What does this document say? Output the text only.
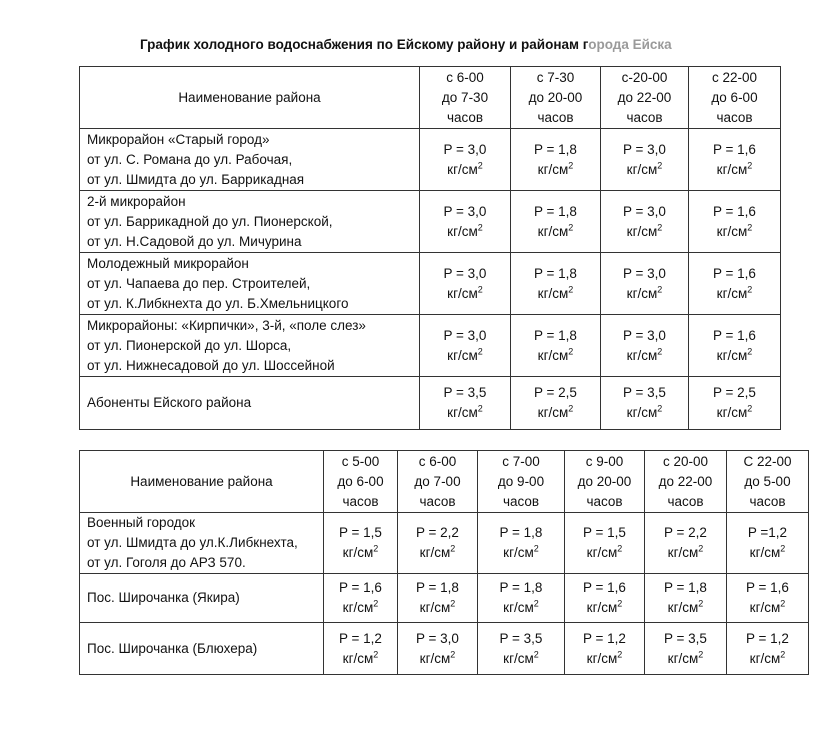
График холодного водоснабжения по Ейскому району и районам города Ейска
Наименование района	с 6-00
до 7-30
часов	с 7-30
до 20-00
часов	с-20-00
до 22-00
часов	с 22-00
до 6-00
часов

Микрорайон «Старый город»
от ул. С. Романа до ул. Рабочая,
от ул. Шмидта до ул. Баррикадная	P = 3,0
$кг/см^2$	P = 1,8
$кг/см^2$	P = 3,0
$кг/см^2$	P = 1,6
$кг/см^2$

2-й микрорайон
от ул. Баррикадной до ул. Пионерской,
от ул. Н.Садовой до ул. Мичурина	P = 3,0
$кг/см^2$	P = 1,8
$кг/см^2$	P = 3,0
$кг/см^2$	P = 1,6
$кг/см^2$

Молодежный микрорайон
от ул. Чапаева до пер. Строителей,
от ул. К.Либкнехта до ул. Б.Хмельницкого	P = 3,0
$кг/см^2$	P = 1,8
$кг/см^2$	P = 3,0
$кг/см^2$	P = 1,6
$кг/см^2$

Микрорайоны: «Кирпички», 3-й, «поле слез»
от ул. Пионерской до ул. Шорса,
от ул. Нижнесадовой до ул. Шоссейной	P = 3,0
$кг/см^2$	P = 1,8
$кг/см^2$	P = 3,0
$кг/см^2$	P = 1,6
$кг/см^2$

Абоненты Ейского района	P = 3,5
$кг/см^2$	P = 2,5
$кг/см^2$	P = 3,5
$кг/см^2$	P = 2,5
$кг/см^2$
Наименование района	с 5-00
до 6-00
часов	с 6-00
до 7-00
часов	с 7-00
до 9-00
часов	с 9-00
до 20-00
часов	с 20-00
до 22-00
часов	С 22-00
до 5-00
часов

Военный городок
от ул. Шмидта до ул.К.Либкнехта,
от ул. Гоголя до АРЗ 570.	P = 1,5
$кг/см^2$	P = 2,2
$кг/см^2$	P = 1,8
$кг/см^2$	P = 1,5
$кг/см^2$	P = 2,2
$кг/см^2$	P =1,2
$кг/см^2$

Пос. Широчанка (Якира)	P = 1,6
$кг/см^2$	P = 1,8
$кг/см^2$	P = 1,8
$кг/см^2$	P = 1,6
$кг/см^2$	P = 1,8
$кг/см^2$	P = 1,6
$кг/см^2$

Пос. Широчанка (Блюхера)	P = 1,2
$кг/см^2$	P = 3,0
$кг/см^2$	P = 3,5
$кг/см^2$	P = 1,2
$кг/см^2$	P = 3,5
$кг/см^2$	P = 1,2
$кг/см^2$
